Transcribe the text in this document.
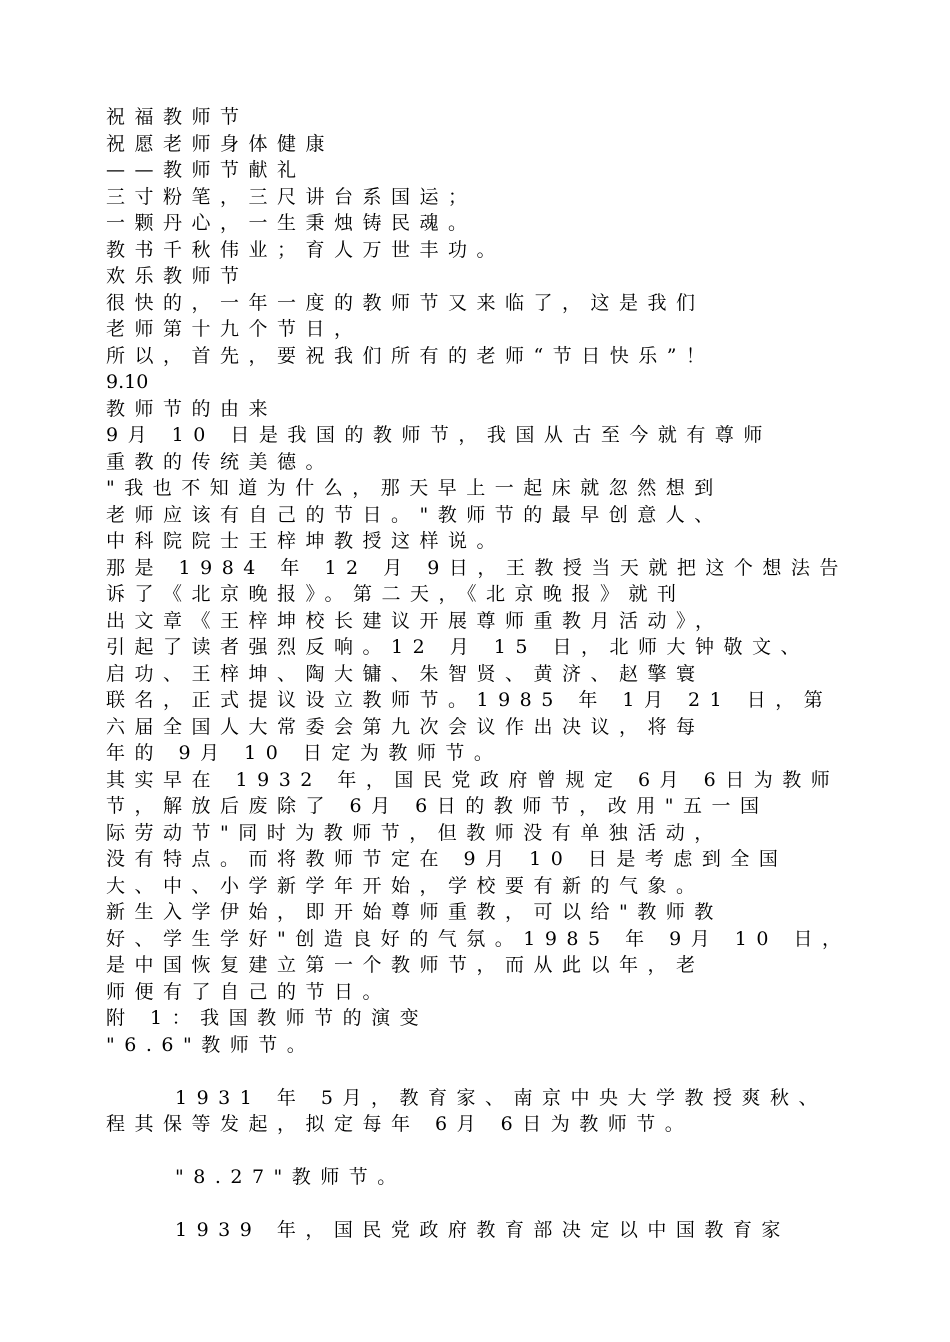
祝福教师节
祝愿老师身体健康
——教师节献礼
三寸粉笔，三尺讲台系国运；
一颗丹心，一生秉烛铸民魂。
教书千秋伟业；育人万世丰功。
欢乐教师节
很快的，一年一度的教师节又来临了，这是我们
老师第十九个节日，
所以，首先，要祝我们所有的老师“节日快乐”！
9.10
教师节的由来
9月 10 日是我国的教师节，我国从古至今就有尊师
重教的传统美德。
"我也不知道为什么，那天早上一起床就忽然想到
老师应该有自己的节日。"教师节的最早创意人、
中科院院士王梓坤教授这样说。
那是 1984 年 12 月 9日，王教授当天就把这个想法告
诉了《北京晚报》。第二天，《北京晚报》就刊
出文章《王梓坤校长建议开展尊师重教月活动》，
引起了读者强烈反响。12 月 15 日，北师大钟敬文、
启功、王梓坤、陶大镛、朱智贤、黄济、赵擎寰
联名，正式提议设立教师节。1985 年 1月 21 日，第
六届全国人大常委会第九次会议作出决议，将每
年的 9月 10 日定为教师节。
其实早在 1932 年，国民党政府曾规定 6月 6日为教师
节，解放后废除了 6月 6日的教师节，改用"五一国
际劳动节"同时为教师节，但教师没有单独活动，
没有特点。而将教师节定在 9月 10 日是考虑到全国
大、中、小学新学年开始，学校要有新的气象。
新生入学伊始，即开始尊师重教，可以给"教师教
好、学生学好"创造良好的气氛。1985 年 9月 10 日，
是中国恢复建立第一个教师节，而从此以年，老
师便有了自己的节日。
附 1：我国教师节的演变
"6.6"教师节。
1931 年 5月，教育家、南京中央大学教授爽秋、
程其保等发起，拟定每年 6月 6日为教师节。
"8.27"教师节。
1939 年，国民党政府教育部决定以中国教育家
